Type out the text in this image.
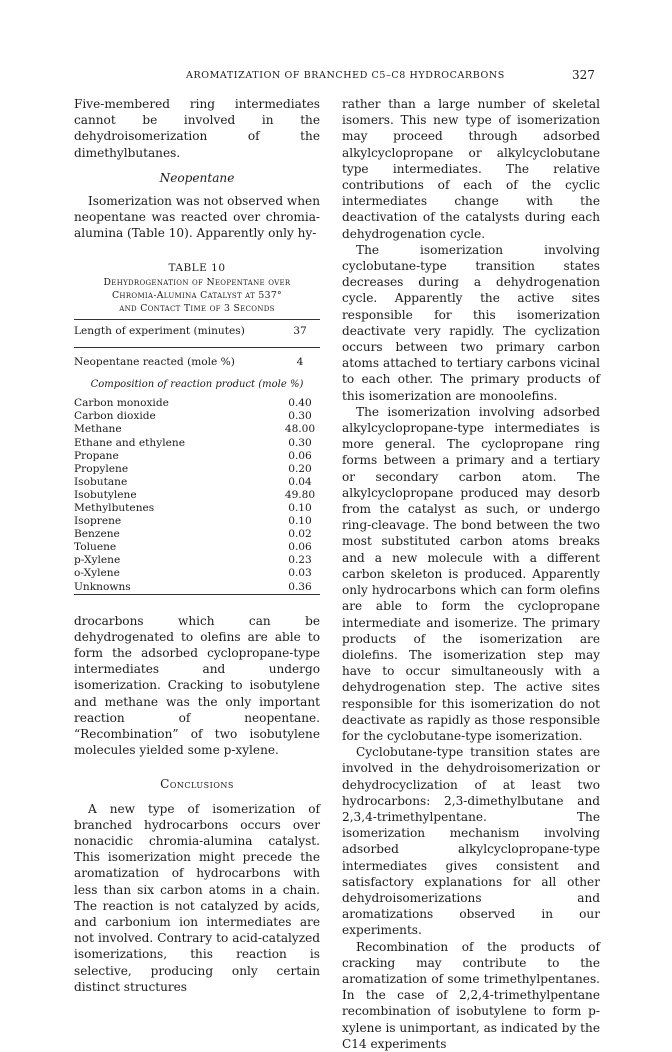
AROMATIZATION OF BRANCHED C5–C8 HYDROCARBONS	327

Five-membered ring intermediates cannot be involved in the dehydroisomerization of the dimethylbutanes.

Neopentane

Isomerization was not observed when neopentane was reacted over chromia-alumina (Table 10). Apparently only hy-

TABLE 10
Dehydrogenation of Neopentane over
Chromia-Alumina Catalyst at 537°
and Contact Time of 3 Seconds
Length of experiment (minutes)	37
Neopentane reacted (mole %)	4
Composition of reaction product (mole %)
Carbon monoxide	0.40
Carbon dioxide	0.30
Methane	48.00
Ethane and ethylene	0.30
Propane	0.06
Propylene	0.20
Isobutane	0.04
Isobutylene	49.80
Methylbutenes	0.10
Isoprene	0.10
Benzene	0.02
Toluene	0.06
p-Xylene	0.23
o-Xylene	0.03
Unknowns	0.36

drocarbons which can be dehydrogenated to olefins are able to form the adsorbed cyclopropane-type intermediates and undergo isomerization. Cracking to isobutylene and methane was the only important reaction of neopentane. “Recombination” of two isobutylene molecules yielded some p-xylene.

Conclusions

A new type of isomerization of branched hydrocarbons occurs over nonacidic chromia-alumina catalyst. This isomerization might precede the aromatization of hydrocarbons with less than six carbon atoms in a chain. The reaction is not catalyzed by acids, and carbonium ion intermediates are not involved. Contrary to acid-catalyzed isomerizations, this reaction is selective, producing only certain distinct structures

rather than a large number of skeletal isomers. This new type of isomerization may proceed through adsorbed alkylcyclopropane or alkylcyclobutane type intermediates. The relative contributions of each of the cyclic intermediates change with the deactivation of the catalysts during each dehydrogenation cycle.

The isomerization involving cyclobutane-type transition states decreases during a dehydrogenation cycle. Apparently the active sites responsible for this isomerization deactivate very rapidly. The cyclization occurs between two primary carbon atoms attached to tertiary carbons vicinal to each other. The primary products of this isomerization are monoolefins.

The isomerization involving adsorbed alkylcyclopropane-type intermediates is more general. The cyclopropane ring forms between a primary and a tertiary or secondary carbon atom. The alkylcyclopropane produced may desorb from the catalyst as such, or undergo ring-cleavage. The bond between the two most substituted carbon atoms breaks and a new molecule with a different carbon skeleton is produced. Apparently only hydrocarbons which can form olefins are able to form the cyclopropane intermediate and isomerize. The primary products of the isomerization are diolefins. The isomerization step may have to occur simultaneously with a dehydrogenation step. The active sites responsible for this isomerization do not deactivate as rapidly as those responsible for the cyclobutane-type isomerization.

Cyclobutane-type transition states are involved in the dehydroisomerization or dehydrocyclization of at least two hydrocarbons: 2,3-dimethylbutane and 2,3,4-trimethylpentane. The isomerization mechanism involving adsorbed alkylcyclopropane-type intermediates gives consistent and satisfactory explanations for all other dehydroisomerizations and aromatizations observed in our experiments.

Recombination of the products of cracking may contribute to the aromatization of some trimethylpentanes. In the case of 2,2,4-trimethylpentane recombination of isobutylene to form p-xylene is unimportant, as indicated by the C14 experiments
